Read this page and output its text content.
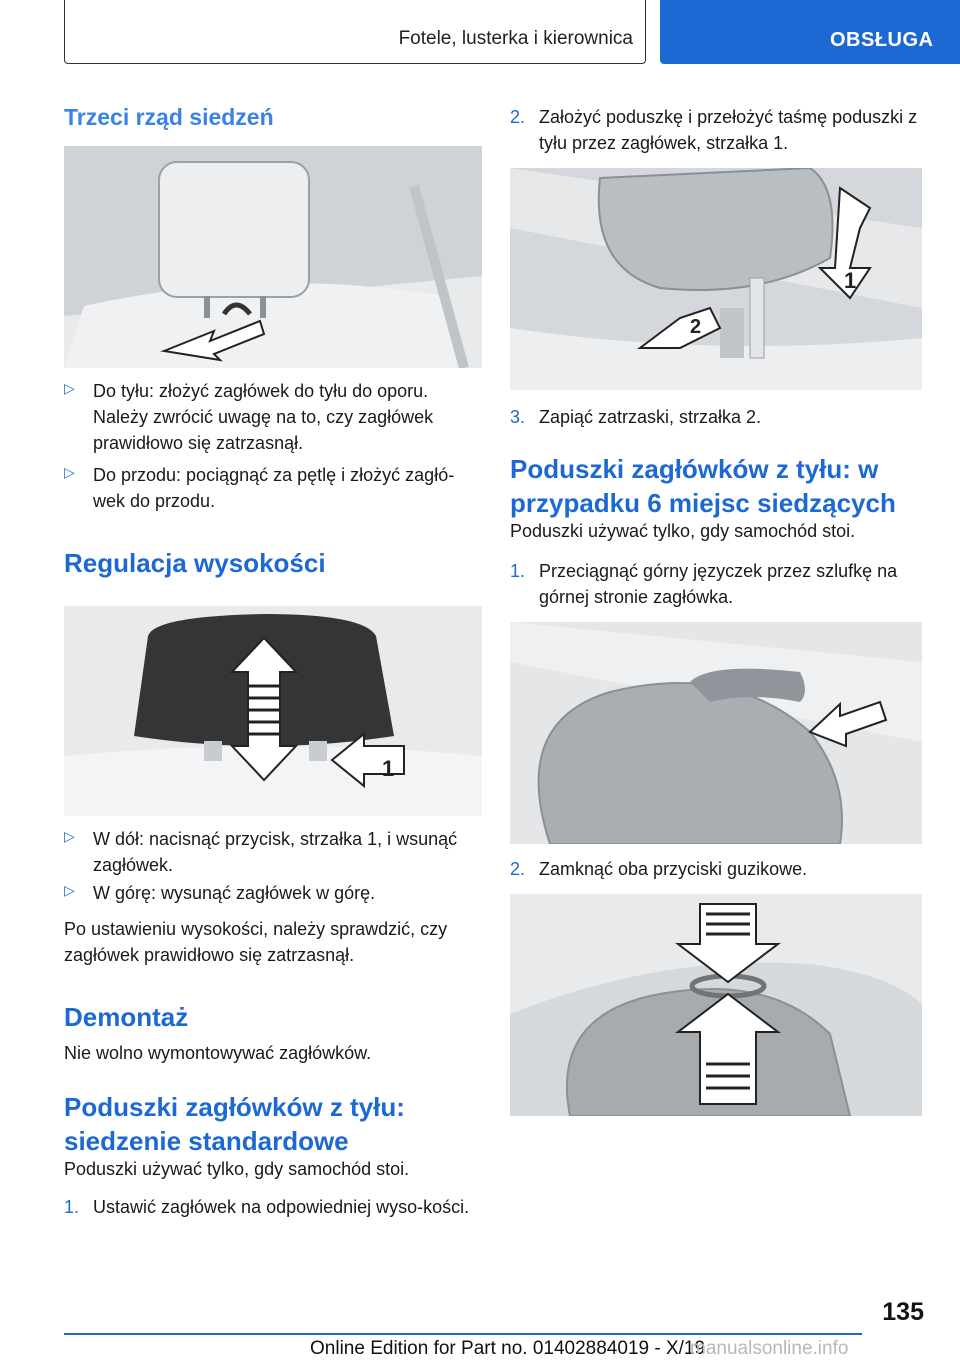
Fotele, lusterka i kierownica	OBSŁUGA
Trzeci rząd siedzeń
▷ Do tyłu: złożyć zagłówek do tyłu do oporu. Należy zwrócić uwagę na to, czy zagłówek prawidłowo się zatrzasnął.
▷ Do przodu: pociągnąć za pętlę i złożyć zagłó-wek do przodu.
Regulacja wysokości
1
▷ W dół: nacisnąć przycisk, strzałka 1, i wsunąć zagłówek.
▷ W górę: wysunąć zagłówek w górę.

Po ustawieniu wysokości, należy sprawdzić, czy zagłówek prawidłowo się zatrzasnął.

Demontaż

Nie wolno wymontowywać zagłówków.

Poduszki zagłówków z tyłu: siedzenie standardowe

Poduszki używać tylko, gdy samochód stoi.

1. Ustawić zagłówek na odpowiedniej wyso-kości.
2. Założyć poduszkę i przełożyć taśmę poduszki z tyłu przez zagłówek, strzałka 1.
1
2
3. Zapiąć zatrzaski, strzałka 2.
Poduszki zagłówków z tyłu: w przypadku 6 miejsc siedzących

Poduszki używać tylko, gdy samochód stoi.

1. Przeciągnąć górny języczek przez szlufkę na górnej stronie zagłówka.
2. Zamknąć oba przyciski guzikowe.
135
Online Edition for Part no. 01402884019 - X/19
manualsonline.info
